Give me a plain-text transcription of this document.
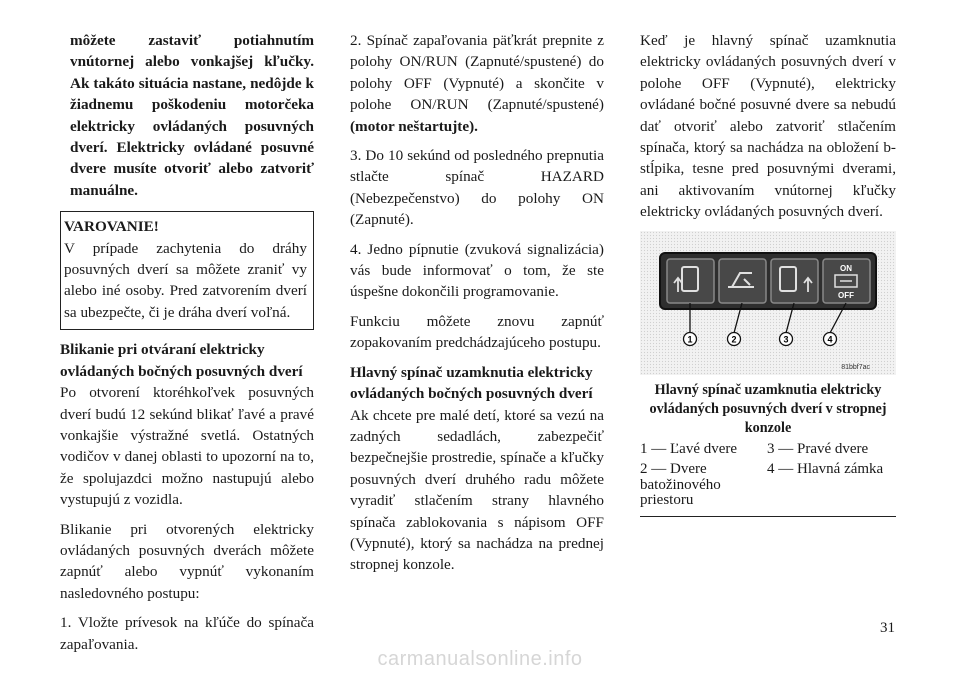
môžete zastaviť potiahnutím vnútornej alebo vonkajšej kľučky. Ak takáto situácia nastane, nedôjde k žiadnemu poškodeniu motorčeka elektricky ovládaných posuvných dverí. Elektricky ovládané posuvné dvere musíte otvoriť alebo zatvoriť manuálne.

VAROVANIE!
V prípade zachytenia do dráhy posuvných dverí sa môžete zraniť vy alebo iné osoby. Pred zatvorením dverí sa ubezpečte, či je dráha dverí voľná.

Blikanie pri otváraní elektricky ovládaných bočných posuvných dverí

Po otvorení ktoréhkoľvek posuvných dverí budú 12 sekúnd blikať ľavé a pravé vonkajšie výstražné svetlá. Ostatných vodičov v danej oblasti to upozorní na to, že spolujazdci možno nastupujú alebo vystupujú z vozidla.

Blikanie pri otvorených elektricky ovládaných posuvných dverách môžete zapnúť alebo vypnúť vykonaním nasledovného postupu:

1. Vložte prívesok na kľúče do spínača zapaľovania.

2. Spínač zapaľovania päťkrát prepnite z polohy ON/RUN (Zapnuté/spustené) do polohy OFF (Vypnuté) a skončite v polohe ON/RUN (Zapnuté/spustené) (motor neštartujte).

3. Do 10 sekúnd od posledného prepnutia stlačte spínač HAZARD (Nebezpečenstvo) do polohy ON (Zapnuté).

4. Jedno pípnutie (zvuková signalizácia) vás bude informovať o tom, že ste úspešne dokončili programovanie.

Funkciu môžete znovu zapnúť zopakovaním predchádzajúceho postupu.

Hlavný spínač uzamknutia elektricky ovládaných bočných posuvných dverí

Ak chcete pre malé detí, ktoré sa vezú na zadných sedadlách, zabezpečiť bezpečnejšie prostredie, spínače a kľučky posuvných dverí druhého radu môžete vyradiť stlačením strany hlavného spínača zablokovania s nápisom OFF (Vypnuté), ktorý sa nachádza na prednej stropnej konzole.

Keď je hlavný spínač uzamknutia elektricky ovládaných posuvných dverí v polohe OFF (Vypnuté), elektricky ovládané bočné posuvné dvere sa nebudú dať otvoriť alebo zatvoriť stlačením spínača, ktorý sa nachádza na obložení b-stĺpika, tesne pred posuvnými dverami, ani aktivovaním vnútornej kľučky elektricky ovládaných posuvných dverí.

ON
OFF
1	2	3	4
81bbf7ac
Hlavný spínač uzamknutia elektricky ovládaných posuvných dverí v stropnej konzole
1 — Ľavé dvere
2 — Dvere batožinového priestoru
3 — Pravé dvere
4 — Hlavná zámka
31
carmanualsonline.info
